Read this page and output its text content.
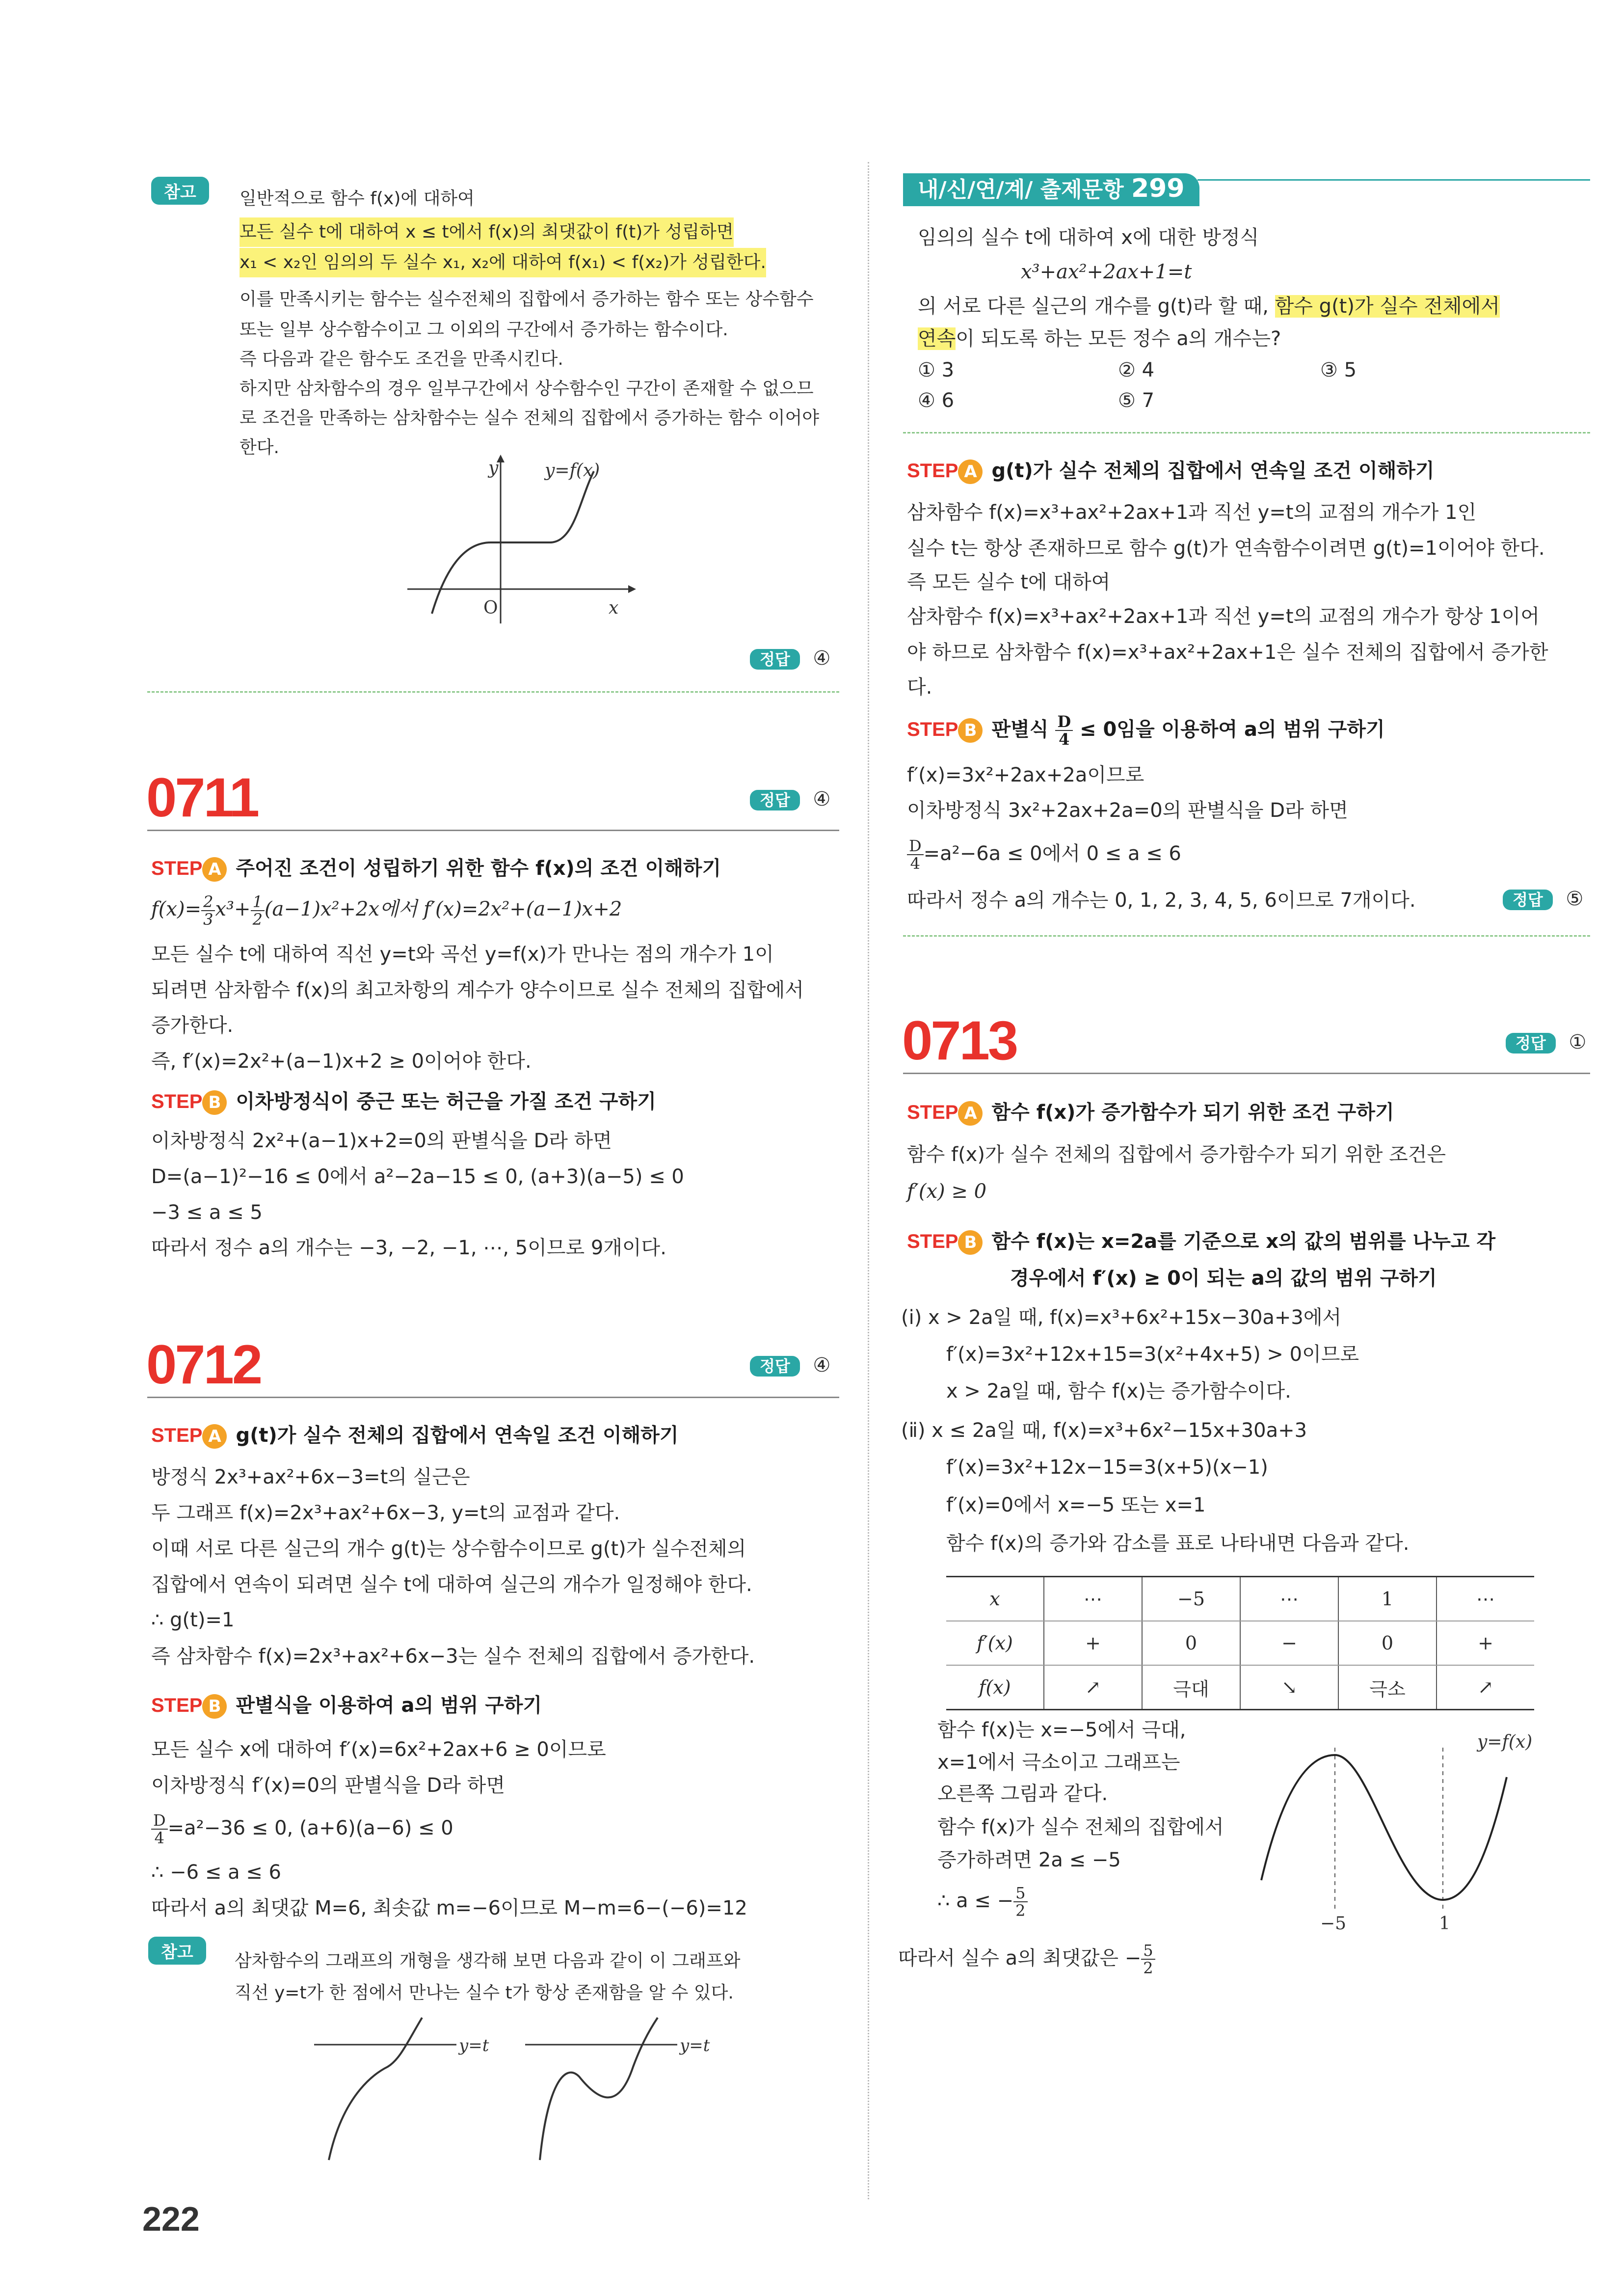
참고	일반적으로 함수 f(x)에 대하여
모든 실수 t에 대하여 x ≤ t에서 f(x)의 최댓값이 f(t)가 성립하면
x₁ < x₂인 임의의 두 실수 x₁, x₂에 대하여 f(x₁) < f(x₂)가 성립한다.
이를 만족시키는 함수는 실수전체의 집합에서 증가하는 함수 또는 상수함수
또는 일부 상수함수이고 그 이외의 구간에서 증가하는 함수이다.
즉 다음과 같은 함수도 조건을 만족시킨다.
하지만 삼차함수의 경우 일부구간에서 상수함수인 구간이 존재할 수 없으므
로 조건을 만족하는 삼차함수는 실수 전체의 집합에서 증가하는 함수 이어야
한다.
y
x
O
y=f(x)
정답 ④
0711	정답 ④
STEP A 주어진 조건이 성립하기 위한 함수 f(x)의 조건 이해하기
$f(x)= \frac{2}{3} x^3+ \frac{1}{2} (a-1)x^2+2x$에서 f′(x)=2x²+(a−1)x+2
모든 실수 t에 대하여 직선 y=t와 곡선 y=f(x)가 만나는 점의 개수가 1이
되려면 삼차함수 f(x)의 최고차항의 계수가 양수이므로 실수 전체의 집합에서
증가한다.
즉, f′(x)=2x²+(a−1)x+2 ≥ 0이어야 한다.
STEP B 이차방정식이 중근 또는 허근을 가질 조건 구하기
이차방정식 2x²+(a−1)x+2=0의 판별식을 D라 하면
D=(a−1)²−16 ≤ 0에서 a²−2a−15 ≤ 0, (a+3)(a−5) ≤ 0
−3 ≤ a ≤ 5
따라서 정수 a의 개수는 −3, −2, −1, ⋯, 5이므로 9개이다.
0712	정답 ④
STEP A g(t)가 실수 전체의 집합에서 연속일 조건 이해하기
방정식 2x³+ax²+6x−3=t의 실근은
두 그래프 f(x)=2x³+ax²+6x−3, y=t의 교점과 같다.
이때 서로 다른 실근의 개수 g(t)는 상수함수이므로 g(t)가 실수전체의
집합에서 연속이 되려면 실수 t에 대하여 실근의 개수가 일정해야 한다.
∴ g(t)=1
즉 삼차함수 f(x)=2x³+ax²+6x−3는 실수 전체의 집합에서 증가한다.
STEP B 판별식을 이용하여 a의 범위 구하기
모든 실수 x에 대하여 f′(x)=6x²+2ax+6 ≥ 0이므로
이차방정식 f′(x)=0의 판별식을 D라 하면
$\frac{D}{4} =a^2-36 \le 0$, (a+6)(a−6) ≤ 0
∴ −6 ≤ a ≤ 6
따라서 a의 최댓값 M=6, 최솟값 m=−6이므로 M−m=6−(−6)=12
참고	삼차함수의 그래프의 개형을 생각해 보면 다음과 같이 이 그래프와
직선 y=t가 한 점에서 만나는 실수 t가 항상 존재함을 알 수 있다.
y=t	y=t
222
내/신/연/계/ 출제문항 299
임의의 실수 t에 대하여 x에 대한 방정식
x³+ax²+2ax+1=t
의 서로 다른 실근의 개수를 g(t)라 할 때, 함수 g(t)가 실수 전체에서
연속이 되도록 하는 모든 정수 a의 개수는?
① 3	② 4	③ 5
④ 6	⑤ 7
STEP A g(t)가 실수 전체의 집합에서 연속일 조건 이해하기
삼차함수 f(x)=x³+ax²+2ax+1과 직선 y=t의 교점의 개수가 1인
실수 t는 항상 존재하므로 함수 g(t)가 연속함수이려면 g(t)=1이어야 한다.
즉 모든 실수 t에 대하여
삼차함수 f(x)=x³+ax²+2ax+1과 직선 y=t의 교점의 개수가 항상 1이어
야 하므로 삼차함수 f(x)=x³+ax²+2ax+1은 실수 전체의 집합에서 증가한
다.
STEP B 판별식 $\frac{D}{4} \le 0$임을 이용하여 a의 범위 구하기
f′(x)=3x²+2ax+2a이므로
이차방정식 3x²+2ax+2a=0의 판별식을 D라 하면
$\frac{D}{4} =a^2-6a \le 0$에서 0 ≤ a ≤ 6
따라서 정수 a의 개수는 0, 1, 2, 3, 4, 5, 6이므로 7개이다.	정답 ⑤
0713	정답 ①
STEP A 함수 f(x)가 증가함수가 되기 위한 조건 구하기
함수 f(x)가 실수 전체의 집합에서 증가함수가 되기 위한 조건은
f′(x) ≥ 0
STEP B 함수 f(x)는 x=2a를 기준으로 x의 값의 범위를 나누고 각
경우에서 f′(x) ≥ 0이 되는 a의 값의 범위 구하기
(ⅰ) x > 2a일 때, f(x)=x³+6x²+15x−30a+3에서
f′(x)=3x²+12x+15=3(x²+4x+5) > 0이므로
x > 2a일 때, 함수 f(x)는 증가함수이다.
(ⅱ) x ≤ 2a일 때, f(x)=x³+6x²−15x+30a+3
f′(x)=3x²+12x−15=3(x+5)(x−1)
f′(x)=0에서 x=−5 또는 x=1
함수 f(x)의 증가와 감소를 표로 나타내면 다음과 같다.
x	⋯	−5	⋯	1	⋯
f′(x)	+	0	−	0	+
f(x)	↗	극대	↘	극소	↗
함수 f(x)는 x=−5에서 극대,
x=1에서 극소이고 그래프는
오른쪽 그림과 같다.
함수 f(x)가 실수 전체의 집합에서
증가하려면 2a ≤ −5
∴ a ≤ − $\frac{5}{2}$
따라서 실수 a의 최댓값은 − $\frac{5}{2}$
y=f(x)
−5	1
